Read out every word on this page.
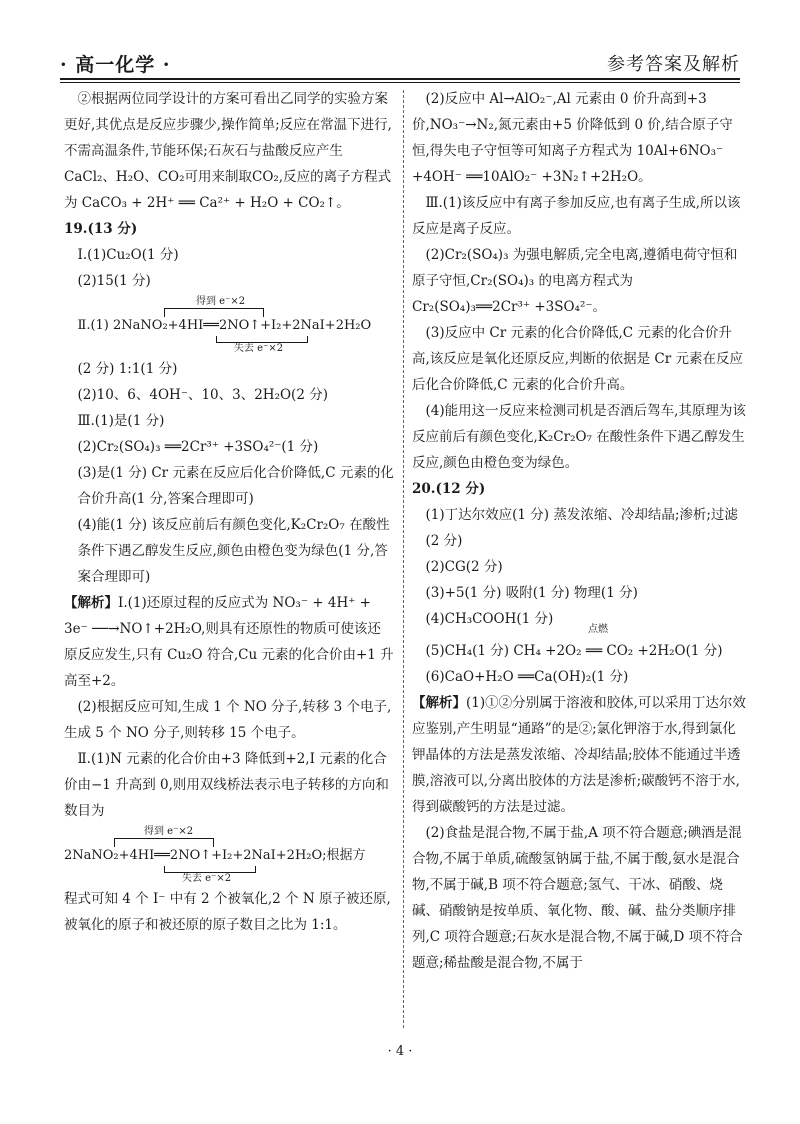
· 高一化学 ·	参考答案及解析

②根据两位同学设计的方案可看出乙同学的实验方案更好,其优点是反应步骤少,操作简单;反应在常温下进行,不需高温条件,节能环保;石灰石与盐酸反应产生CaCl₂、H₂O、CO₂可用来制取CO₂,反应的离子方程式为 CaCO₃ + 2H⁺ ══ Ca²⁺ + H₂O + CO₂↑。

19.(13 分)

Ⅰ.(1)Cu₂O(1 分)

(2)15(1 分)

得到 e⁻×2
Ⅱ.(1) 2NaNO₂+4HI══2NO↑+I₂+2NaI+2H₂O
失去 e⁻×2

(2 分) 1:1(1 分)

(2)10、6、4OH⁻、10、3、2H₂O(2 分)

Ⅲ.(1)是(1 分)

(2)Cr₂(SO₄)₃ ══2Cr³⁺ +3SO₄²⁻(1 分)

(3)是(1 分) Cr 元素在反应后化合价降低,C 元素的化合价升高(1 分,答案合理即可)

(4)能(1 分) 该反应前后有颜色变化,K₂Cr₂O₇ 在酸性条件下遇乙醇发生反应,颜色由橙色变为绿色(1 分,答案合理即可)

【解析】Ⅰ.(1)还原过程的反应式为 NO₃⁻ + 4H⁺ + 3e⁻ ──→NO↑+2H₂O,则具有还原性的物质可使该还原反应发生,只有 Cu₂O 符合,Cu 元素的化合价由+1 升高至+2。

(2)根据反应可知,生成 1 个 NO 分子,转移 3 个电子,生成 5 个 NO 分子,则转移 15 个电子。

Ⅱ.(1)N 元素的化合价由+3 降低到+2,I 元素的化合价由−1 升高到 0,则用双线桥法表示电子转移的方向和数目为

得到 e⁻×2
2NaNO₂+4HI══2NO↑+I₂+2NaI+2H₂O;根据方
失去 e⁻×2

程式可知 4 个 I⁻ 中有 2 个被氧化,2 个 N 原子被还原,被氧化的原子和被还原的原子数目之比为 1:1。

(2)反应中 Al→AlO₂⁻,Al 元素由 0 价升高到+3价,NO₃⁻→N₂,氮元素由+5 价降低到 0 价,结合原子守恒,得失电子守恒等可知离子方程式为 10Al+6NO₃⁻ +4OH⁻ ══10AlO₂⁻ +3N₂↑+2H₂O。

Ⅲ.(1)该反应中有离子参加反应,也有离子生成,所以该反应是离子反应。

(2)Cr₂(SO₄)₃ 为强电解质,完全电离,遵循电荷守恒和原子守恒,Cr₂(SO₄)₃ 的电离方程式为 Cr₂(SO₄)₃══2Cr³⁺ +3SO₄²⁻。

(3)反应中 Cr 元素的化合价降低,C 元素的化合价升高,该反应是氧化还原反应,判断的依据是 Cr 元素在反应后化合价降低,C 元素的化合价升高。

(4)能用这一反应来检测司机是否酒后驾车,其原理为该反应前后有颜色变化,K₂Cr₂O₇ 在酸性条件下遇乙醇发生反应,颜色由橙色变为绿色。

20.(12 分)

(1)丁达尔效应(1 分) 蒸发浓缩、冷却结晶;渗析;过滤(2 分)

(2)CG(2 分)

(3)+5(1 分) 吸附(1 分) 物理(1 分)

(4)CH₃COOH(1 分)

点燃
(5)CH₄(1 分) CH₄ +2O₂ ══ CO₂ +2H₂O(1 分)

(6)CaO+H₂O ══Ca(OH)₂(1 分)

【解析】(1)①②分别属于溶液和胶体,可以采用丁达尔效应鉴别,产生明显“通路”的是②;氯化钾溶于水,得到氯化钾晶体的方法是蒸发浓缩、冷却结晶;胶体不能通过半透膜,溶液可以,分离出胶体的方法是渗析;碳酸钙不溶于水,得到碳酸钙的方法是过滤。

(2)食盐是混合物,不属于盐,A 项不符合题意;碘酒是混合物,不属于单质,硫酸氢钠属于盐,不属于酸,氨水是混合物,不属于碱,B 项不符合题意;氢气、干冰、硝酸、烧碱、硝酸钠是按单质、氧化物、酸、碱、盐分类顺序排列,C 项符合题意;石灰水是混合物,不属于碱,D 项不符合题意;稀盐酸是混合物,不属于

· 4 ·
